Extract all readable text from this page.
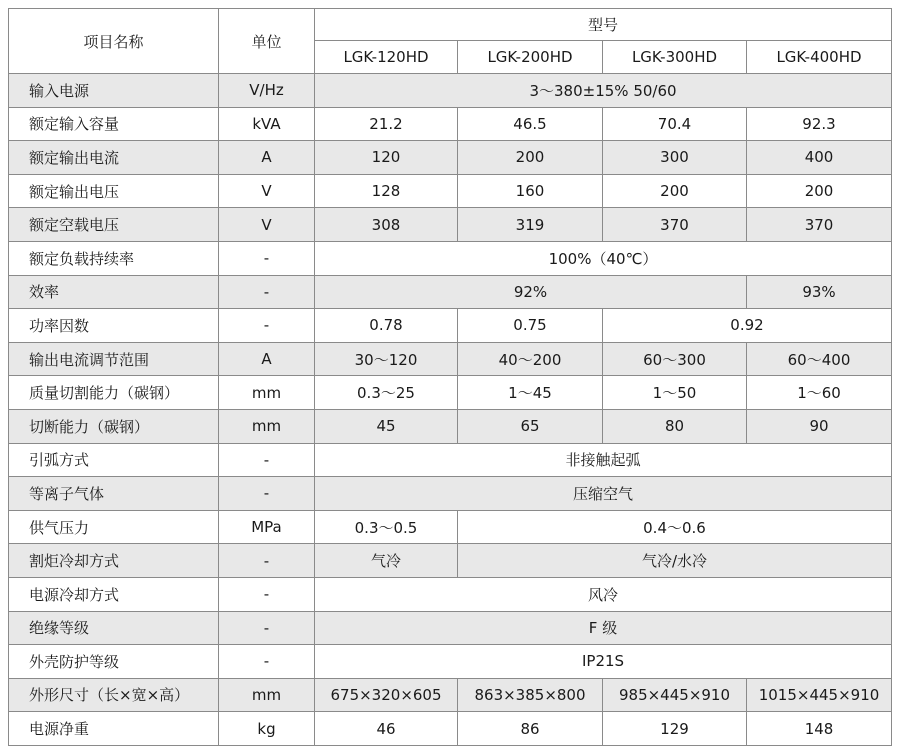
项目名称	单位	型号			
		LGK-120HD	LGK-200HD	LGK-300HD	LGK-400HD
输入电源	V/Hz	3～380±15% 50/60			
额定输入容量	kVA	21.2	46.5	70.4	92.3
额定输出电流	A	120	200	300	400
额定输出电压	V	128	160	200	200
额定空载电压	V	308	319	370	370
额定负载持续率	-	100%（40℃）			
效率	-	92%			93%
功率因数	-	0.78	0.75	0.92	
输出电流调节范围	A	30～120	40～200	60～300	60～400
质量切割能力（碳钢）	mm	0.3～25	1～45	1～50	1～60
切断能力（碳钢）	mm	45	65	80	90
引弧方式	-	非接触起弧			
等离子气体	-	压缩空气			
供气压力	MPa	0.3～0.5	0.4～0.6		
割炬冷却方式	-	气冷	气冷/水冷		
电源冷却方式	-	风冷			
绝缘等级	-	F 级			
外壳防护等级	-	IP21S			
外形尺寸（长×宽×高）	mm	675×320×605	863×385×800	985×445×910	1015×445×910
电源净重	kg	46	86	129	148
